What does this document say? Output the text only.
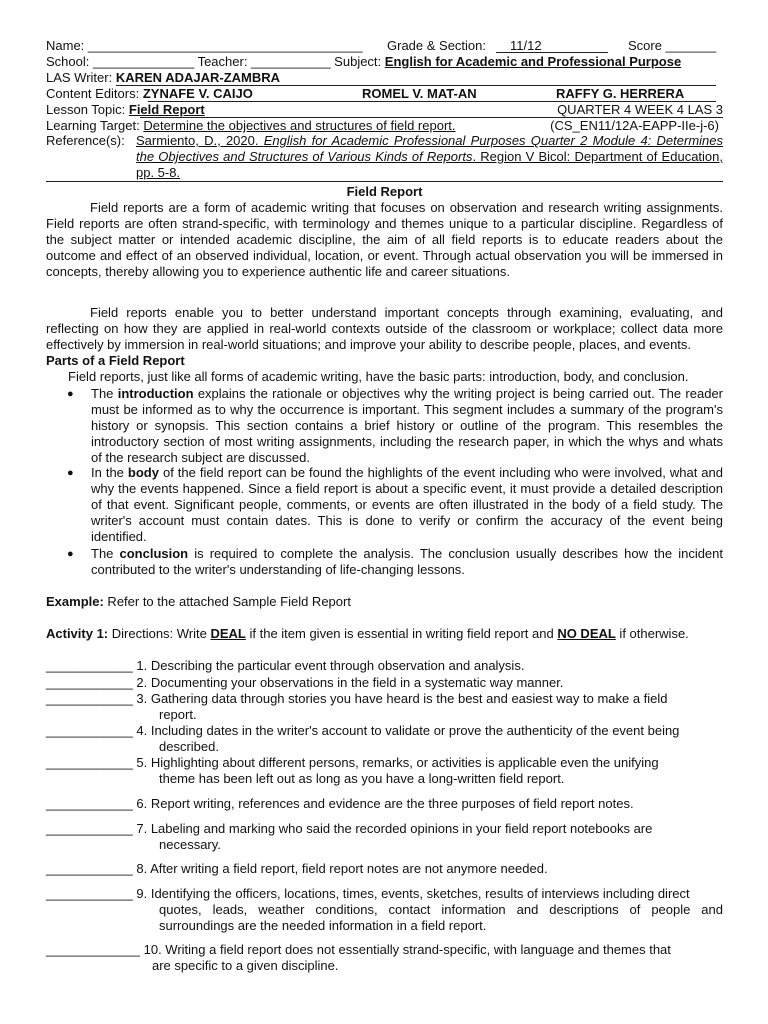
Name: ______________________________________ Grade & Section:	11/12	Score _______
School: ______________ Teacher: ___________ Subject: English for Academic and Professional Purpose
LAS Writer: KAREN ADAJAR-ZAMBRA
Content Editors: ZYNAFE V. CAIJO	ROMEL V. MAT-AN	RAFFY G. HERRERA
Lesson Topic: Field Report	QUARTER 4 WEEK 4 LAS 3
Learning Target: Determine the objectives and structures of field report.	(CS_EN11/12A-EAPP-IIe-j-6)
Reference(s): Sarmiento, D., 2020. English for Academic Professional Purposes Quarter 2 Module 4: Determines the Objectives and Structures of Various Kinds of Reports. Region V Bicol: Department of Education, pp. 5-8.
Field Report
Field reports are a form of academic writing that focuses on observation and research writing assignments. Field reports are often strand-specific, with terminology and themes unique to a particular discipline. Regardless of the subject matter or intended academic discipline, the aim of all field reports is to educate readers about the outcome and effect of an observed individual, location, or event. Through actual observation you will be immersed in concepts, thereby allowing you to experience authentic life and career situations.
Field reports enable you to better understand important concepts through examining, evaluating, and reflecting on how they are applied in real-world contexts outside of the classroom or workplace; collect data more effectively by immersion in real-world situations; and improve your ability to describe people, places, and events.
Parts of a Field Report
Field reports, just like all forms of academic writing, have the basic parts: introduction, body, and conclusion.
● The introduction explains the rationale or objectives why the writing project is being carried out. The reader must be informed as to why the occurrence is important. This segment includes a summary of the program's history or synopsis. This section contains a brief history or outline of the program. This resembles the introductory section of most writing assignments, including the research paper, in which the whys and whats of the research subject are discussed.
● In the body of the field report can be found the highlights of the event including who were involved, what and why the events happened. Since a field report is about a specific event, it must provide a detailed description of that event. Significant people, comments, or events are often illustrated in the body of a field study. The writer's account must contain dates. This is done to verify or confirm the accuracy of the event being identified.
● The conclusion is required to complete the analysis. The conclusion usually describes how the incident contributed to the writer's understanding of life-changing lessons.
Example: Refer to the attached Sample Field Report
Activity 1: Directions: Write DEAL if the item given is essential in writing field report and NO DEAL if otherwise.
____________ 1. Describing the particular event through observation and analysis.
____________ 2. Documenting your observations in the field in a systematic way manner.
____________ 3. Gathering data through stories you have heard is the best and easiest way to make a field
report.
____________ 4. Including dates in the writer's account to validate or prove the authenticity of the event being
described.
____________ 5. Highlighting about different persons, remarks, or activities is applicable even the unifying
theme has been left out as long as you have a long-written field report.
____________ 6. Report writing, references and evidence are the three purposes of field report notes.
____________ 7. Labeling and marking who said the recorded opinions in your field report notebooks are
necessary.
____________ 8. After writing a field report, field report notes are not anymore needed.
____________ 9. Identifying the officers, locations, times, events, sketches, results of interviews including direct
quotes, leads, weather conditions, contact information and descriptions of people and surroundings are the needed information in a field report.
_____________ 10. Writing a field report does not essentially strand-specific, with language and themes that
are specific to a given discipline.
